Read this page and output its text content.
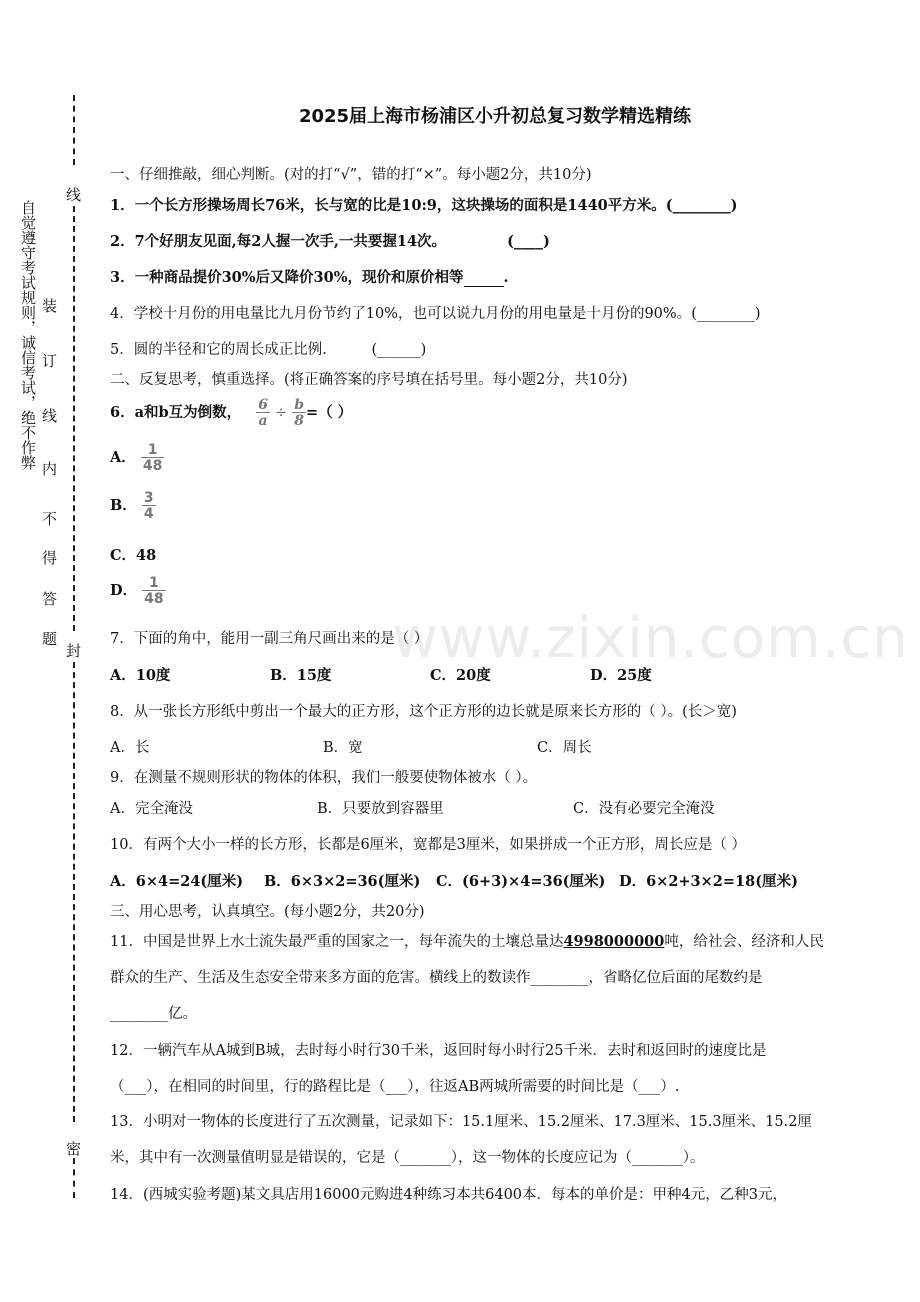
自觉遵守考试规则，诚信考试，绝不作弊
线
装
订
线
内
不
得
答
题
封
密
www.zixin.com.cn
2025届上海市杨浦区小升初总复习数学精选精练
一、仔细推敲，细心判断。(对的打“√”，错的打“×”。每小题2分，共10分)
1．一个长方形操场周长76米，长与宽的比是10:9，这块操场的面积是1440平方米。(________)
2．7个好朋友见面,每2人握一次手,一共要握14次。	(____)
3．一种商品提价30%后又降价30%，现价和原价相等	.
4．学校十月份的用电量比九月份节约了10%，也可以说九月份的用电量是十月份的90%。(________)
5．圆的半径和它的周长成正比例.	(______)
二、反复思考，慎重选择。(将正确答案的序号填在括号里。每小题2分，共10分)
6．a和b互为倒数， $\frac{6}{a} \div \frac{b}{8}$ =（ ）
A． $\frac{1}{48}$
B． $\frac{3}{4}$
C．48
D． $\frac{1}{48}$
7．下面的角中，能用一副三角尺画出来的是（ ）
A．10度	B．15度	C．20度	D．25度
8．从一张长方形纸中剪出一个最大的正方形，这个正方形的边长就是原来长方形的（ ）。(长＞宽)
A．长	B．宽	C．周长
9．在测量不规则形状的物体的体积，我们一般要使物体被水（ ）。
A．完全淹没	B．只要放到容器里	C．没有必要完全淹没
10．有两个大小一样的长方形，长都是6厘米，宽都是3厘米，如果拼成一个正方形，周长应是（ ）
A．6×4=24(厘米) B．6×3×2=36(厘米) C．(6+3)×4=36(厘米) D．6×2+3×2=18(厘米)
三、用心思考，认真填空。(每小题2分，共20分)
11．中国是世界上水土流失最严重的国家之一，每年流失的土壤总量达4998000000吨，给社会、经济和人民
群众的生产、生活及生态安全带来多方面的危害。横线上的数读作________，省略亿位后面的尾数约是
________亿。
12．一辆汽车从A城到B城，去时每小时行30千米，返回时每小时行25千米．去时和返回时的速度比是
（___），在相同的时间里，行的路程比是（___），往返AB两城所需要的时间比是（___）.
13．小明对一物体的长度进行了五次测量，记录如下：15.1厘米、15.2厘米、17.3厘米、15.3厘米、15.2厘
米，其中有一次测量值明显是错误的，它是（_______），这一物体的长度应记为（_______）。
14．(西城实验考题)某文具店用16000元购进4种练习本共6400本．每本的单价是：甲种4元，乙种3元，
